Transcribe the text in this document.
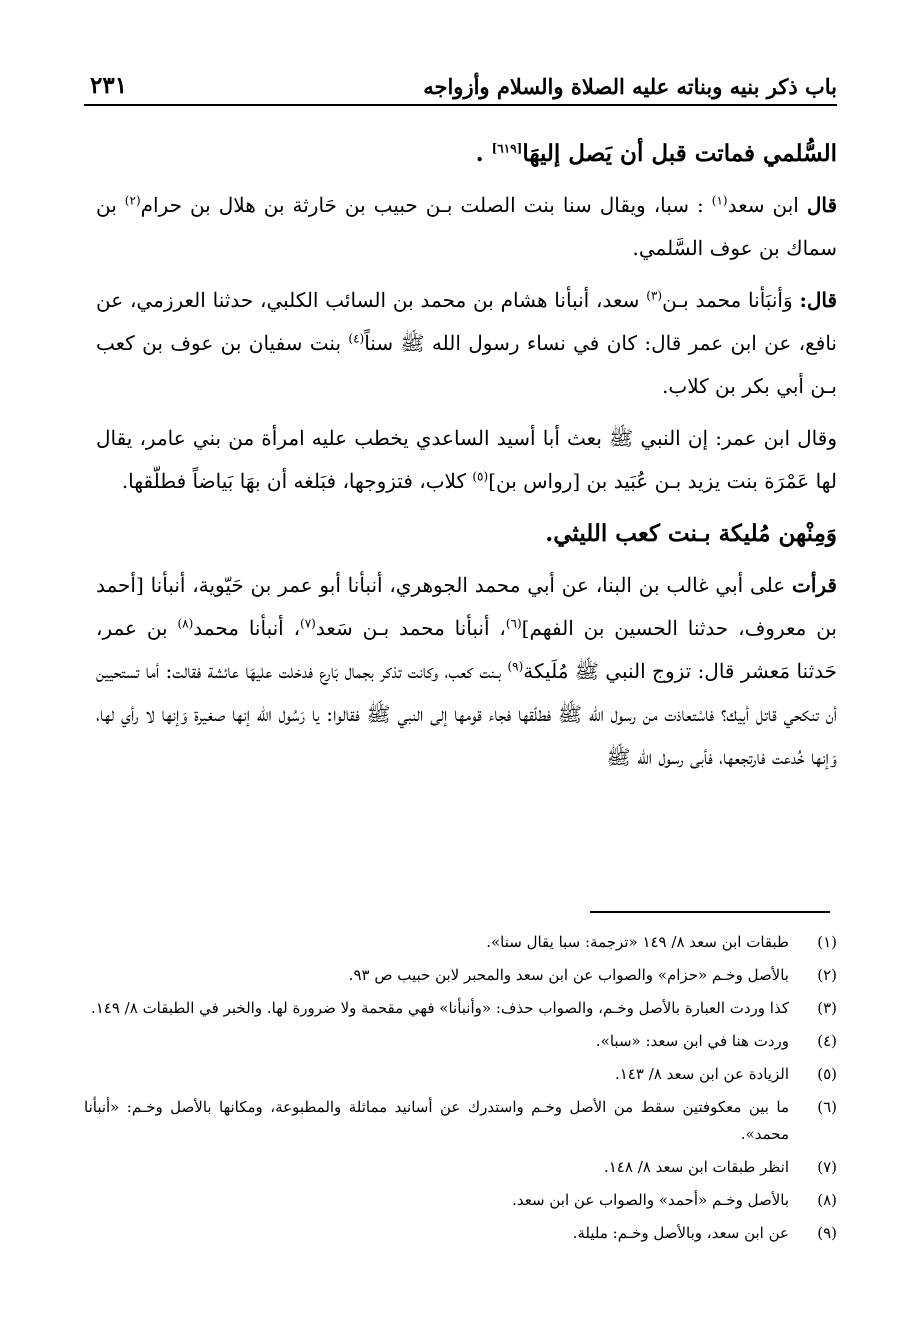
باب ذكر بنيه وبناته عليه الصلاة والسلام وأزواجه
٢٣١

السُّلمي فماتت قبل أن يَصل إليهَا[٦١٩] .

قال ابن سعد$^{(١)}$ : سبا، ويقال سنا بنت الصلت بـن حبيب بن حَارثة بن هلال بن حرام$^{(٢)}$ بن سماك بن عوف السَّلمي.

قال: وَأنبَأنا محمد بـن$^{(٣)}$ سعد، أنبأنا هشام بن محمد بن السائب الكلبي، حدثنا العرزمي، عن نافع، عن ابن عمر قال: كان في نساء رسول الله ﷺ سناً$^{(٤)}$ بنت سفيان بن عوف بن كعب بـن أبي بكر بن كلاب.

وقال ابن عمر: إن النبي ﷺ بعث أبا أسيد الساعدي يخطب عليه امرأة من بني عامر، يقال لها عَمْرَة بنت يزيد بـن عُبَيد بن [رواس بن]$^{(٥)}$ كلاب، فتزوجها، فبَلغه أن بهَا بَياضاً فطلّقها.

وَمِنْهن مُليكة بـنت كعب الليثي.

قرأت على أبي غالب بن البنا، عن أبي محمد الجوهري، أنبأنا أبو عمر بن حَيّوية، أنبأنا [أحمد بن معروف، حدثنا الحسين بن الفهم]$^{(٦)}$، أنبأنا محمد بـن سَعد$^{(٧)}$، أنبأنا محمد$^{(٨)}$ بن عمر، حَدثنا مَعشر قال: تزوج النبي ﷺ مُلَيكة$^{(٩)}$ بـنت كعب، وكانت تذكر بجمال بَارع فدخلت عليهَا عائشة فقالت: أما تستحيين أن تنكحي قاتل أبيك؟ فاسْتعاذت من رسول الله ﷺ فطلّقها فجاء قومها إلى النبي ﷺ فقالوا: يا رَسُول الله إنها صغيرة وَإنها لا رأي لها، وَإنها خُدعت فارتجعها، فأبى رسول الله ﷺ

(١)
طبقات ابن سعد ٨/ ١٤٩ «ترجمة: سبا يقال سنا».
(٢)
بالأصل وخـم «حزام» والصواب عن ابن سعد والمحبر لابن حبيب ص ٩٣.
(٣)
كذا وردت العبارة بالأصل وخـم، والصواب حذف: «وأنبأنا» فهي مقحمة ولا ضرورة لها. والخبر في الطبقات ٨/ ١٤٩.
(٤)
وردت هنا في ابن سعد: «سبا».
(٥)
الزيادة عن ابن سعد ٨/ ١٤٣.
(٦)
ما بين معكوفتين سقط من الأصل وخـم واستدرك عن أسانيد مماثلة والمطبوعة، ومكانها بالأصل وخـم: «أنبأنا محمد».
(٧)
انظر طبقات ابن سعد ٨/ ١٤٨.
(٨)
بالأصل وخـم «أحمد» والصواب عن ابن سعد.
(٩)
عن ابن سعد، وبالأصل وخـم: مليلة.
